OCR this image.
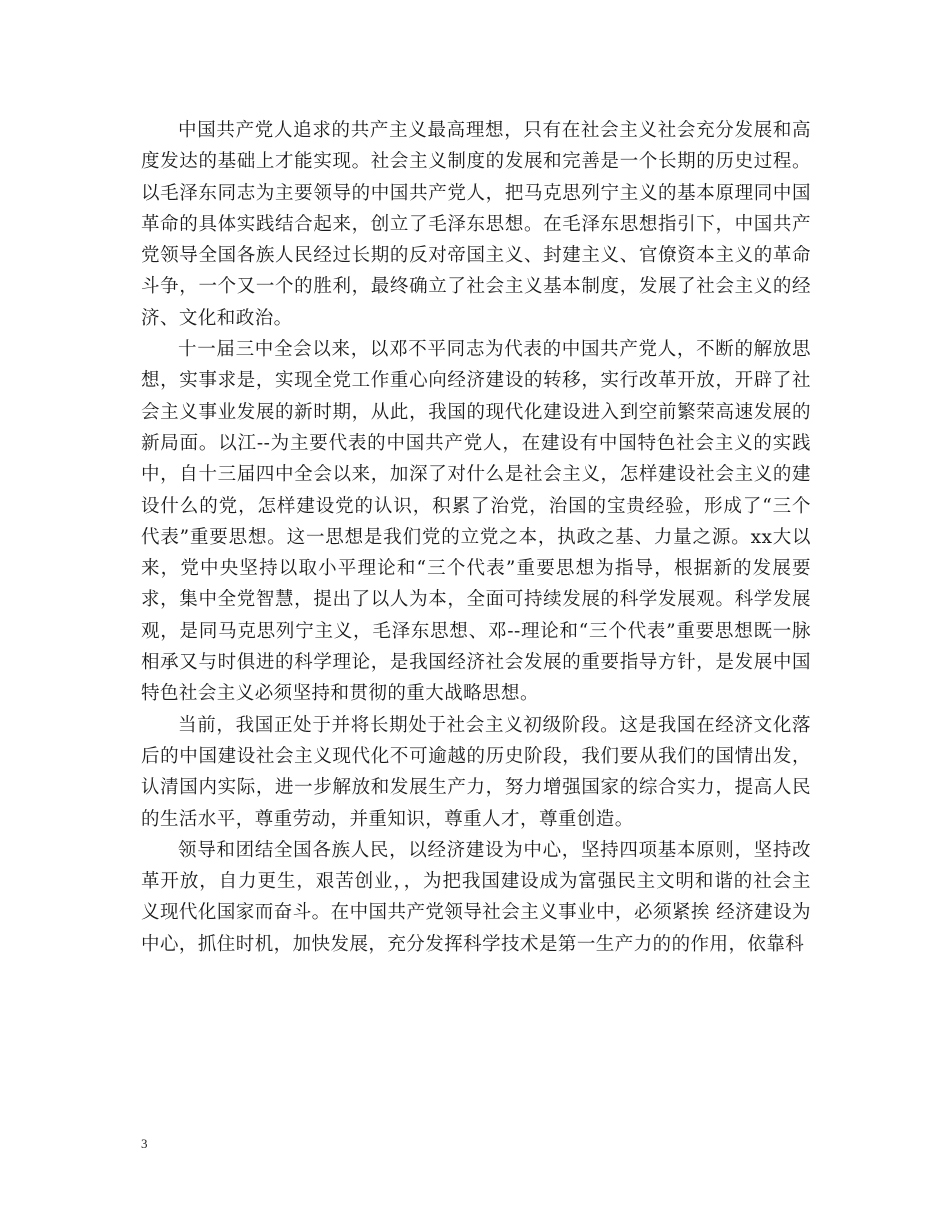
中国共产党人追求的共产主义最高理想，只有在社会主义社会充分发展和高度发达的基础上才能实现。社会主义制度的发展和完善是一个长期的历史过程。以毛泽东同志为主要领导的中国共产党人，把马克思列宁主义的基本原理同中国革命的具体实践结合起来，创立了毛泽东思想。在毛泽东思想指引下，中国共产党领导全国各族人民经过长期的反对帝国主义、封建主义、官僚资本主义的革命斗争，一个又一个的胜利，最终确立了社会主义基本制度，发展了社会主义的经济、文化和政治。

十一届三中全会以来，以邓不平同志为代表的中国共产党人，不断的解放思想，实事求是，实现全党工作重心向经济建设的转移，实行改革开放，开辟了社会主义事业发展的新时期，从此，我国的现代化建设进入到空前繁荣高速发展的新局面。以江--为主要代表的中国共产党人，在建设有中国特色社会主义的实践中，自十三届四中全会以来，加深了对什么是社会主义，怎样建设社会主义的建设什么的党，怎样建设党的认识，积累了治党，治国的宝贵经验，形成了“三个代表”重要思想。这一思想是我们党的立党之本，执政之基、力量之源。xx大以来，党中央坚持以取小平理论和“三个代表”重要思想为指导，根据新的发展要求，集中全党智慧，提出了以人为本，全面可持续发展的科学发展观。科学发展观，是同马克思列宁主义，毛泽东思想、邓--理论和“三个代表”重要思想既一脉相承又与时俱进的科学理论，是我国经济社会发展的重要指导方针，是发展中国特色社会主义必须坚持和贯彻的重大战略思想。

当前，我国正处于并将长期处于社会主义初级阶段。这是我国在经济文化落后的中国建设社会主义现代化不可逾越的历史阶段，我们要从我们的国情出发，认清国内实际，进一步解放和发展生产力，努力增强国家的综合实力，提高人民的生活水平，尊重劳动，并重知识，尊重人才，尊重创造。

领导和团结全国各族人民，以经济建设为中心，坚持四项基本原则，坚持改革开放，自力更生，艰苦创业，，为把我国建设成为富强民主文明和谐的社会主义现代化国家而奋斗。在中国共产党领导社会主义事业中，必须紧挨 经济建设为中心，抓住时机，加快发展，充分发挥科学技术是第一生产力的的作用，依靠科

3
